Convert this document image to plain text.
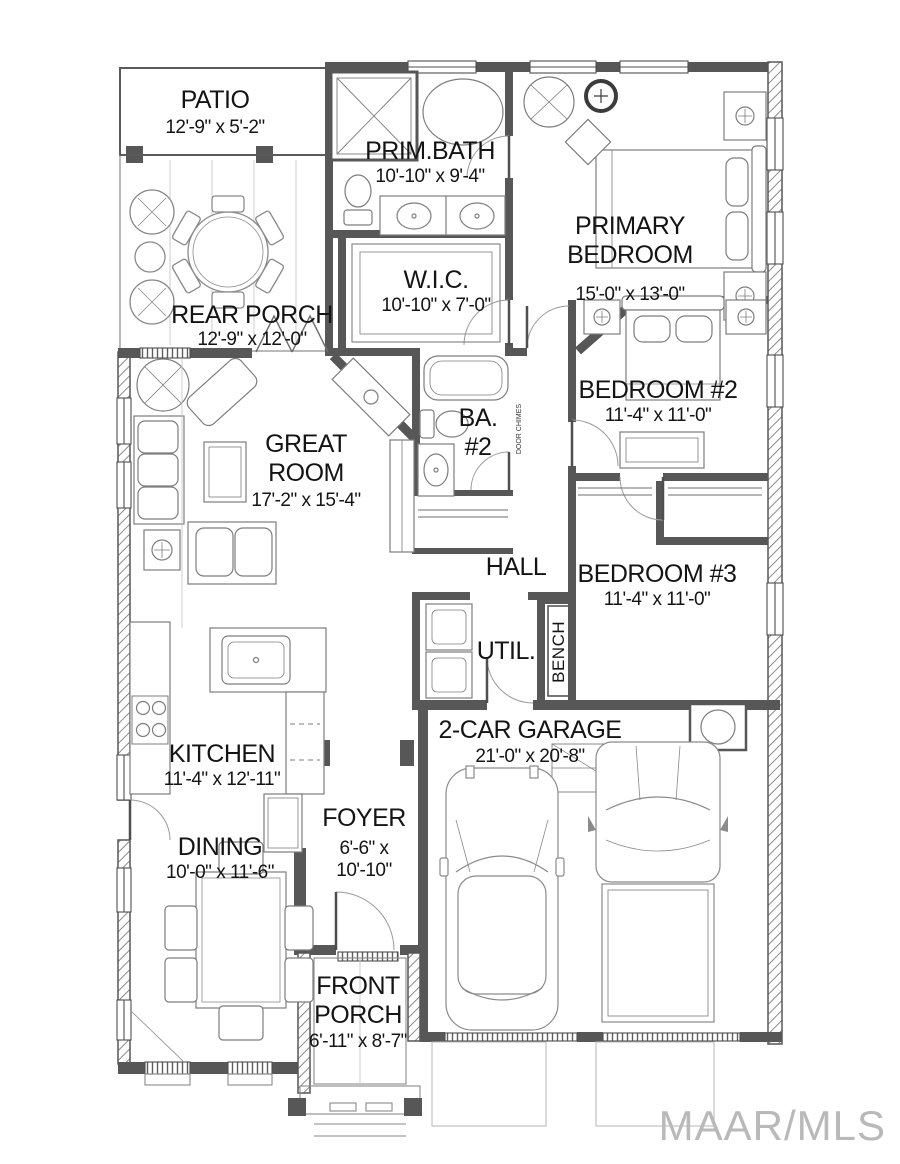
PATIO
12'-9" x 5'-2"
PRIM.BATH
10'-10" x 9'-4"
PRIMARY BEDROOM
15'-0" x 13'-0"
REAR PORCH
12'-9" x 12'-0"
W.I.C.
10'-10" x 7'-0"
BEDROOM #2
11'-4" x 11'-0"
GREAT ROOM
17'-2" x 15'-4"
BA. #2
HALL	BEDROOM #3
11'-4" x 11'-0"
UTIL. BENCH
DOOR CHIMES
2-CAR GARAGE
21'-0" x 20'-8"
KITCHEN
11'-4" x 12'-11"
FOYER
6'-6" x 10'-10"
DINING
10'-0" x 11'-6"
FRONT PORCH
6'-11" x 8'-7"
MAAR/MLS
